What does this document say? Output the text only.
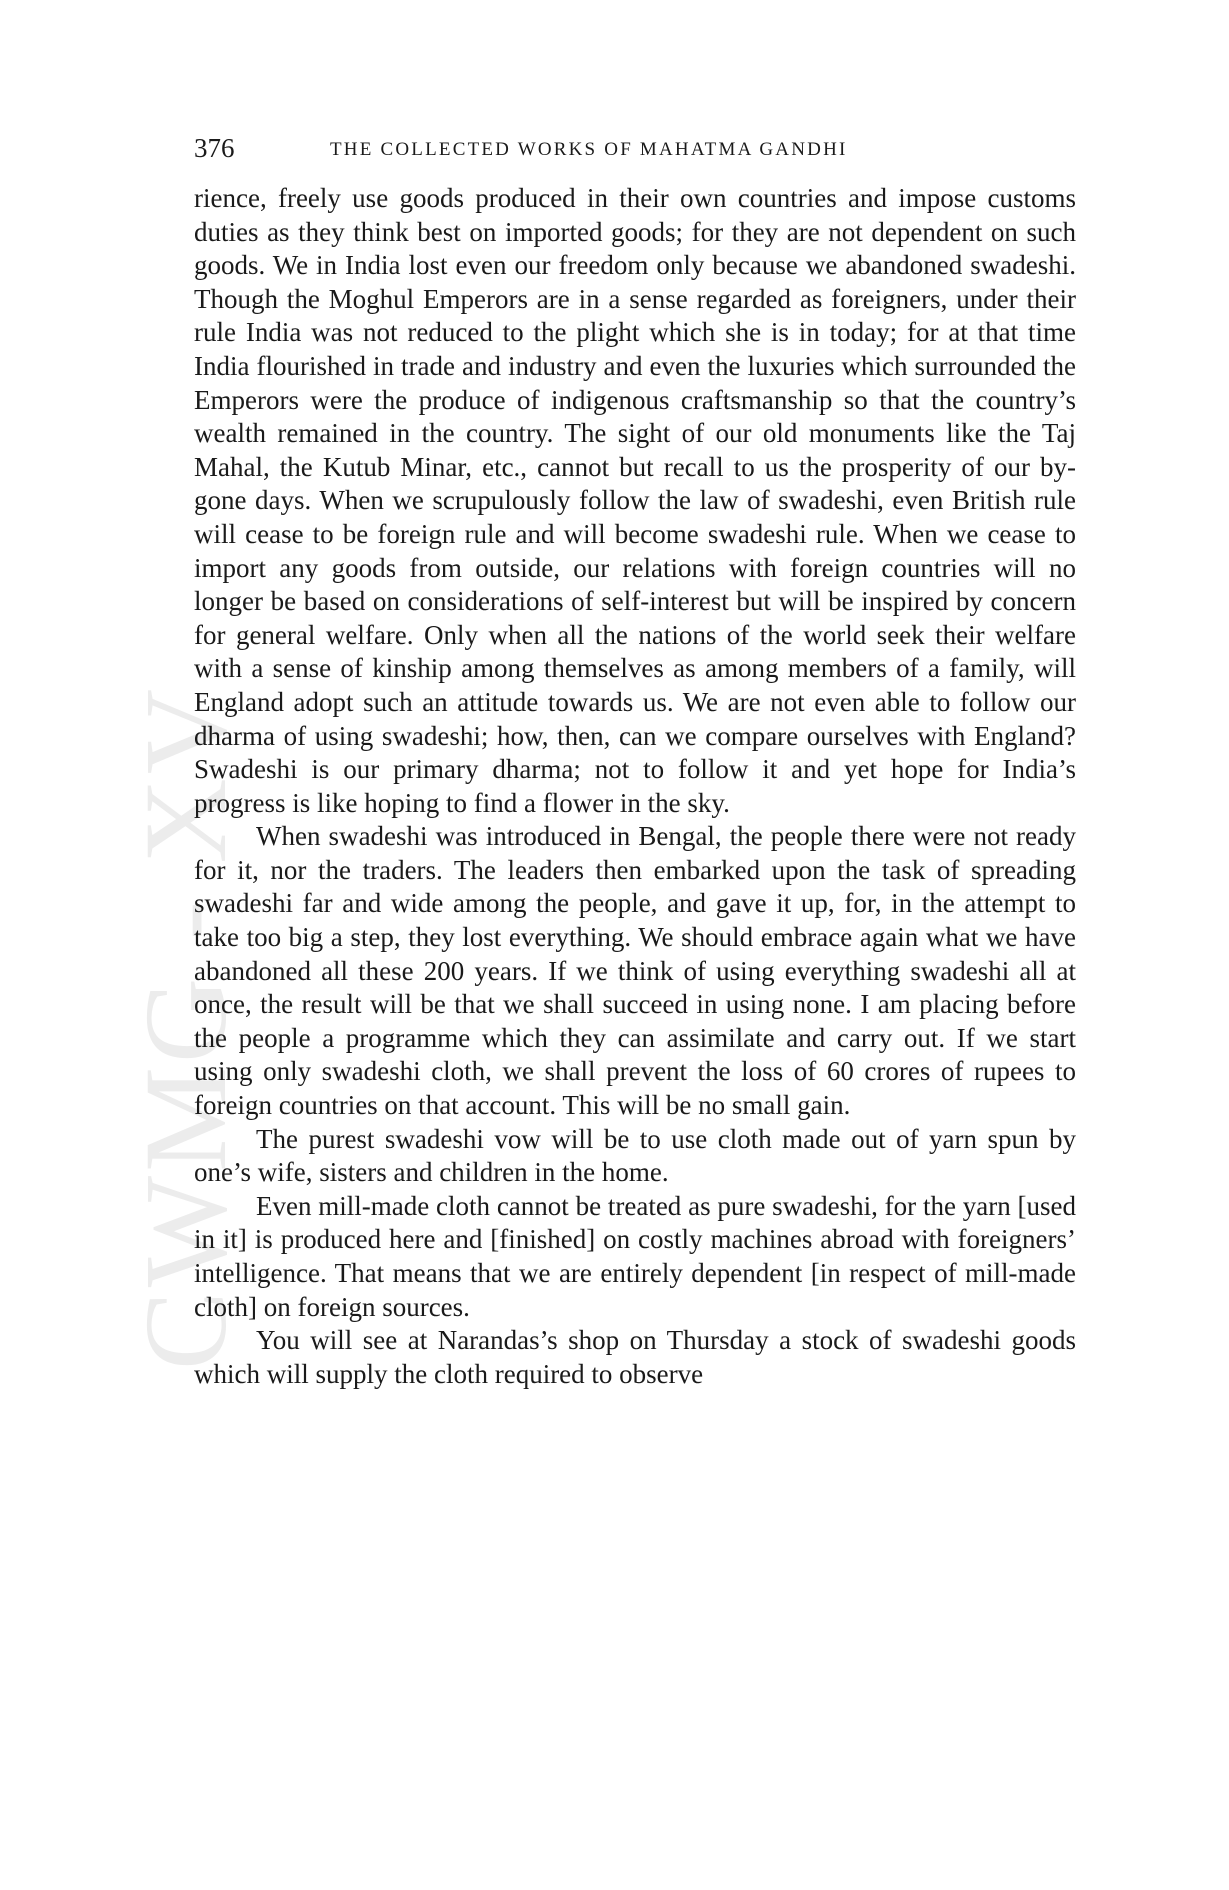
CWMG - XV
376	THE COLLECTED WORKS OF MAHATMA GANDHI

rience, freely use goods produced in their own countries and impose customs duties as they think best on imported goods; for they are not dependent on such goods. We in India lost even our freedom only because we abandoned swadeshi. Though the Moghul Emperors are in a sense regarded as foreigners, under their rule India was not reduced to the plight which she is in today; for at that time India flourished in trade and industry and even the luxuries which surrounded the Emperors were the produce of indigenous craftsmanship so that the country’s wealth remained in the country. The sight of our old monuments like the Taj Mahal, the Kutub Minar, etc., cannot but recall to us the prosperity of our by-gone days. When we scrupulously follow the law of swadeshi, even British rule will cease to be foreign rule and will become swadeshi rule. When we cease to import any goods from outside, our relations with foreign countries will no longer be based on considerations of self-interest but will be inspired by concern for general welfare. Only when all the nations of the world seek their welfare with a sense of kinship among themselves as among members of a family, will England adopt such an attitude towards us. We are not even able to follow our dharma of using swadeshi; how, then, can we compare ourselves with England? Swadeshi is our primary dharma; not to follow it and yet hope for India’s progress is like hoping to find a flower in the sky.

When swadeshi was introduced in Bengal, the people there were not ready for it, nor the traders. The leaders then embarked upon the task of spreading swadeshi far and wide among the people, and gave it up, for, in the attempt to take too big a step, they lost everything. We should embrace again what we have abandoned all these 200 years. If we think of using everything swadeshi all at once, the result will be that we shall succeed in using none. I am placing before the people a programme which they can assimilate and carry out. If we start using only swadeshi cloth, we shall prevent the loss of 60 crores of rupees to foreign countries on that account. This will be no small gain.

The purest swadeshi vow will be to use cloth made out of yarn spun by one’s wife, sisters and children in the home.

Even mill-made cloth cannot be treated as pure swadeshi, for the yarn [used in it] is produced here and [finished] on costly machines abroad with foreigners’ intelligence. That means that we are entirely dependent [in respect of mill-made cloth] on foreign sources.

You will see at Narandas’s shop on Thursday a stock of swadeshi goods which will supply the cloth required to observe
